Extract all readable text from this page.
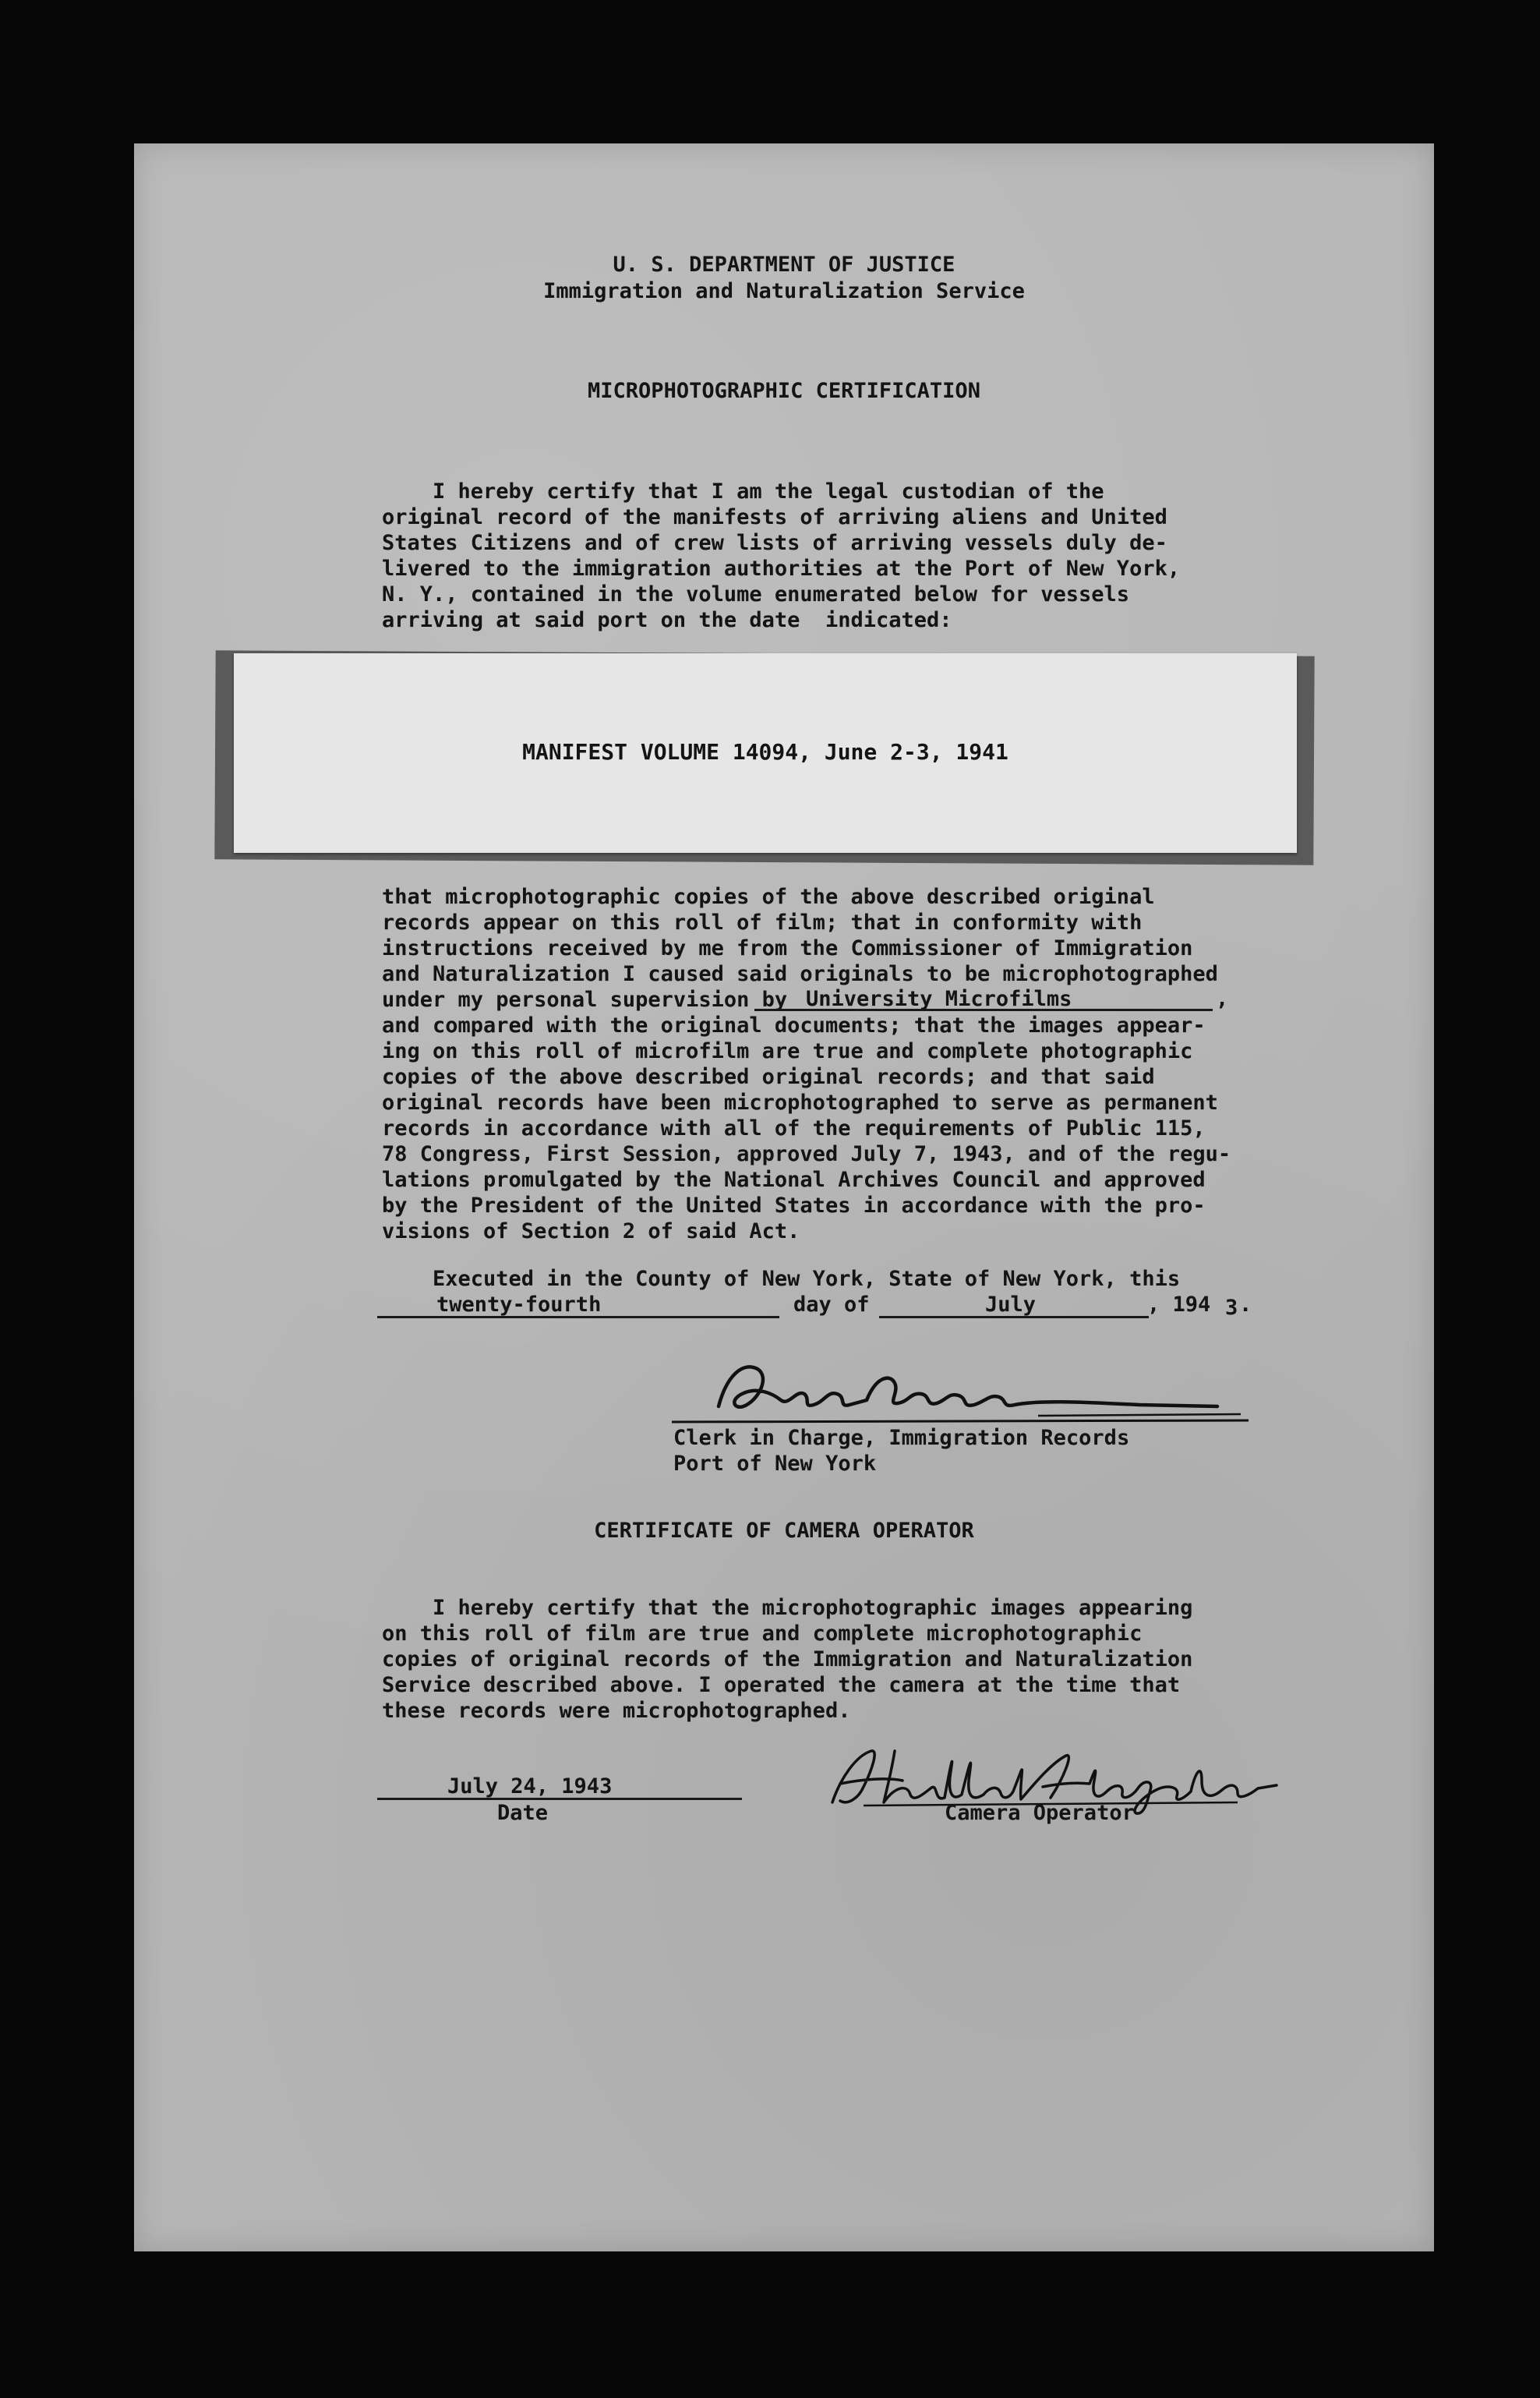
U. S. DEPARTMENT OF JUSTICE
Immigration and Naturalization Service
MICROPHOTOGRAPHIC CERTIFICATION
I hereby certify that I am the legal custodian of the
original record of the manifests of arriving aliens and United
States Citizens and of crew lists of arriving vessels duly de-
livered to the immigration authorities at the Port of New York,
N. Y., contained in the volume enumerated below for vessels
arriving at said port on the date  indicated:
MANIFEST VOLUME 14094, June 2-3, 1941
that microphotographic copies of the above described original
records appear on this roll of film; that in conformity with
instructions received by me from the Commissioner of Immigration
and Naturalization I caused said originals to be microphotographed
under my personal supervision by University Microfilms	,
and compared with the original documents; that the images appear-
ing on this roll of microfilm are true and complete photographic
copies of the above described original records; and that said
original records have been microphotographed to serve as permanent
records in accordance with all of the requirements of Public 115,
78 Congress, First Session, approved July 7, 1943, and of the regu-
lations promulgated by the National Archives Council and approved
by the President of the United States in accordance with the pro-
visions of Section 2 of said Act.
Executed in the County of New York, State of New York, this
twenty-fourth	day of	July	, 194 3 .
Clerk in Charge, Immigration Records
Port of New York
CERTIFICATE OF CAMERA OPERATOR
I hereby certify that the microphotographic images appearing
on this roll of film are true and complete microphotographic
copies of original records of the Immigration and Naturalization
Service described above. I operated the camera at the time that
these records were microphotographed.
July 24, 1943
Date	Camera Operator
